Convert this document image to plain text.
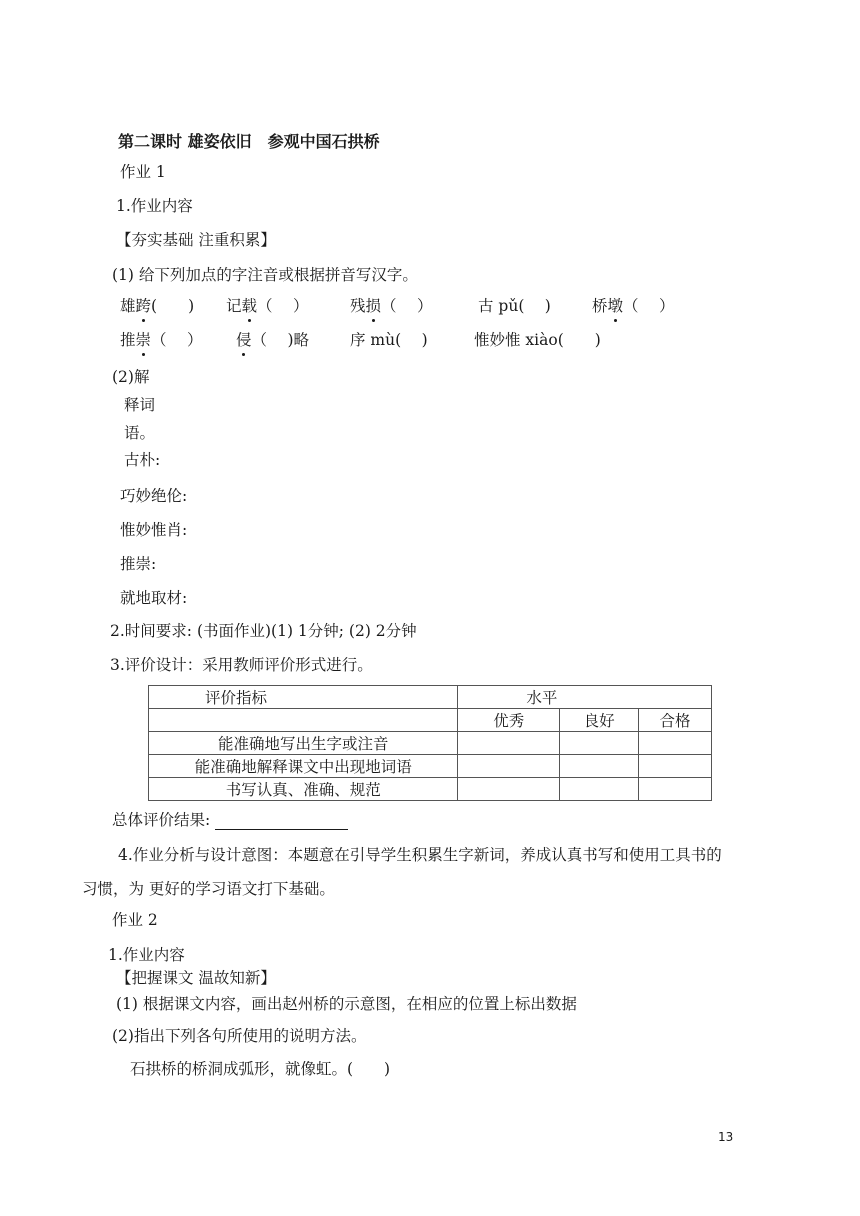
第二课时 雄姿依旧　参观中国石拱桥
作业 1
1.作业内容
【夯实基础 注重积累】
(1) 给下列加点的字注音或根据拼音写汉字。
雄跨(　　) 记载（　 ）	残损（　 ）	古 pǔ(　 )	桥墩（　 ）
推崇（　 ） 侵（　 )略	序 mù(　 )	惟妙惟 xiào(　　)
(2)解
释词
语。
古朴:
巧妙绝伦:
惟妙惟肖:
推崇:
就地取材:
2.时间要求: (书面作业)(1) 1分钟; (2) 2分钟
3.评价设计：采用教师评价形式进行。
评价指标	水平		
	优秀	良好	合格
能准确地写出生字或注音			
能准确地解释课文中出现地词语			
书写认真、准确、规范			
总体评价结果:
4.作业分析与设计意图：本题意在引导学生积累生字新词，养成认真书写和使用工具书的
习惯，为 更好的学习语文打下基础。
作业 2
1.作业内容
【把握课文 温故知新】
(1) 根据课文内容，画出赵州桥的示意图，在相应的位置上标出数据
(2)指出下列各句所使用的说明方法。
石拱桥的桥洞成弧形，就像虹。(　　)
13
